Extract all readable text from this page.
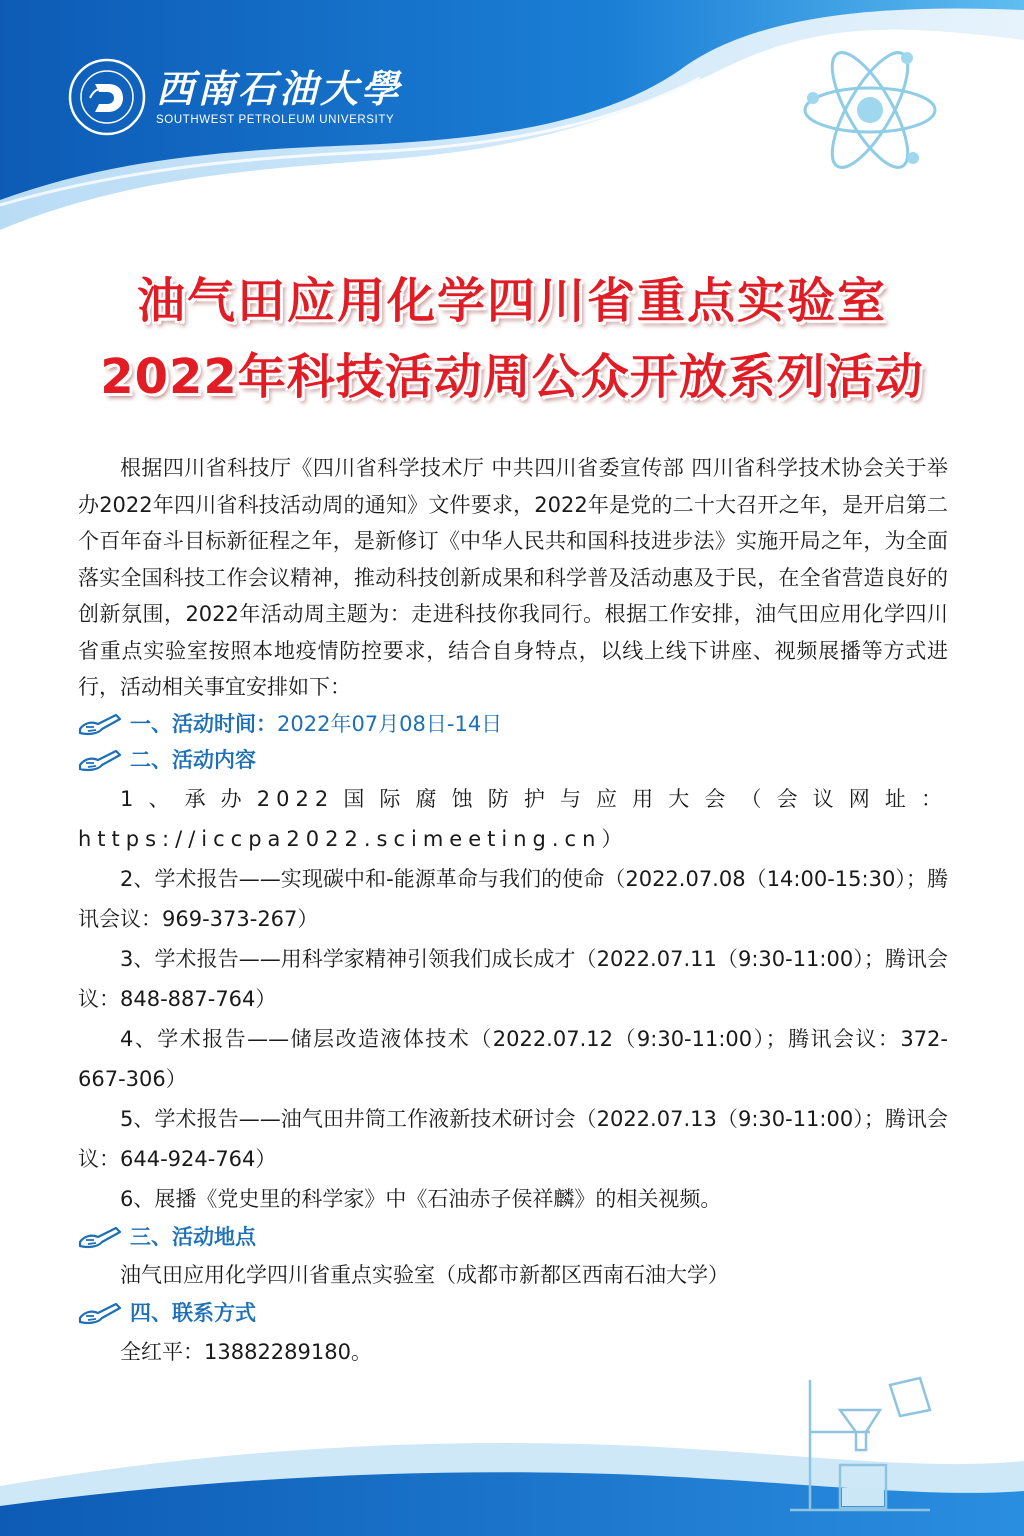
西南石油大學
SOUTHWEST PETROLEUM UNIVERSITY
油气田应用化学四川省重点实验室
2022年科技活动周公众开放系列活动

根据四川省科技厅《四川省科学技术厅 中共四川省委宣传部 四川省科学技术协会关于举办2022年四川省科技活动周的通知》文件要求，2022年是党的二十大召开之年，是开启第二个百年奋斗目标新征程之年，是新修订《中华人民共和国科技进步法》实施开局之年，为全面落实全国科技工作会议精神，推动科技创新成果和科学普及活动惠及于民，在全省营造良好的创新氛围，2022年活动周主题为：走进科技你我同行。根据工作安排，油气田应用化学四川省重点实验室按照本地疫情防控要求，结合自身特点，以线上线下讲座、视频展播等方式进行，活动相关事宜安排如下：

一、活动时间： 2022年07月08日-14日
二、活动内容

1、承办2022国际腐蚀防护与应用大会（会议网址：https://iccpa2022.scimeeting.cn）

2、学术报告——实现碳中和-能源革命与我们的使命（2022.07.08（14:00-15:30）；腾讯会议：969-373-267）

3、学术报告——用科学家精神引领我们成长成才（2022.07.11（9:30-11:00）；腾讯会议：848-887-764）

4、学术报告——储层改造液体技术（2022.07.12（9:30-11:00）；腾讯会议：372-667-306）

5、学术报告——油气田井筒工作液新技术研讨会（2022.07.13（9:30-11:00）；腾讯会议：644-924-764）

6、展播《党史里的科学家》中《石油赤子侯祥麟》的相关视频。

三、活动地点

油气田应用化学四川省重点实验室（成都市新都区西南石油大学）

四、联系方式

全红平：13882289180。
